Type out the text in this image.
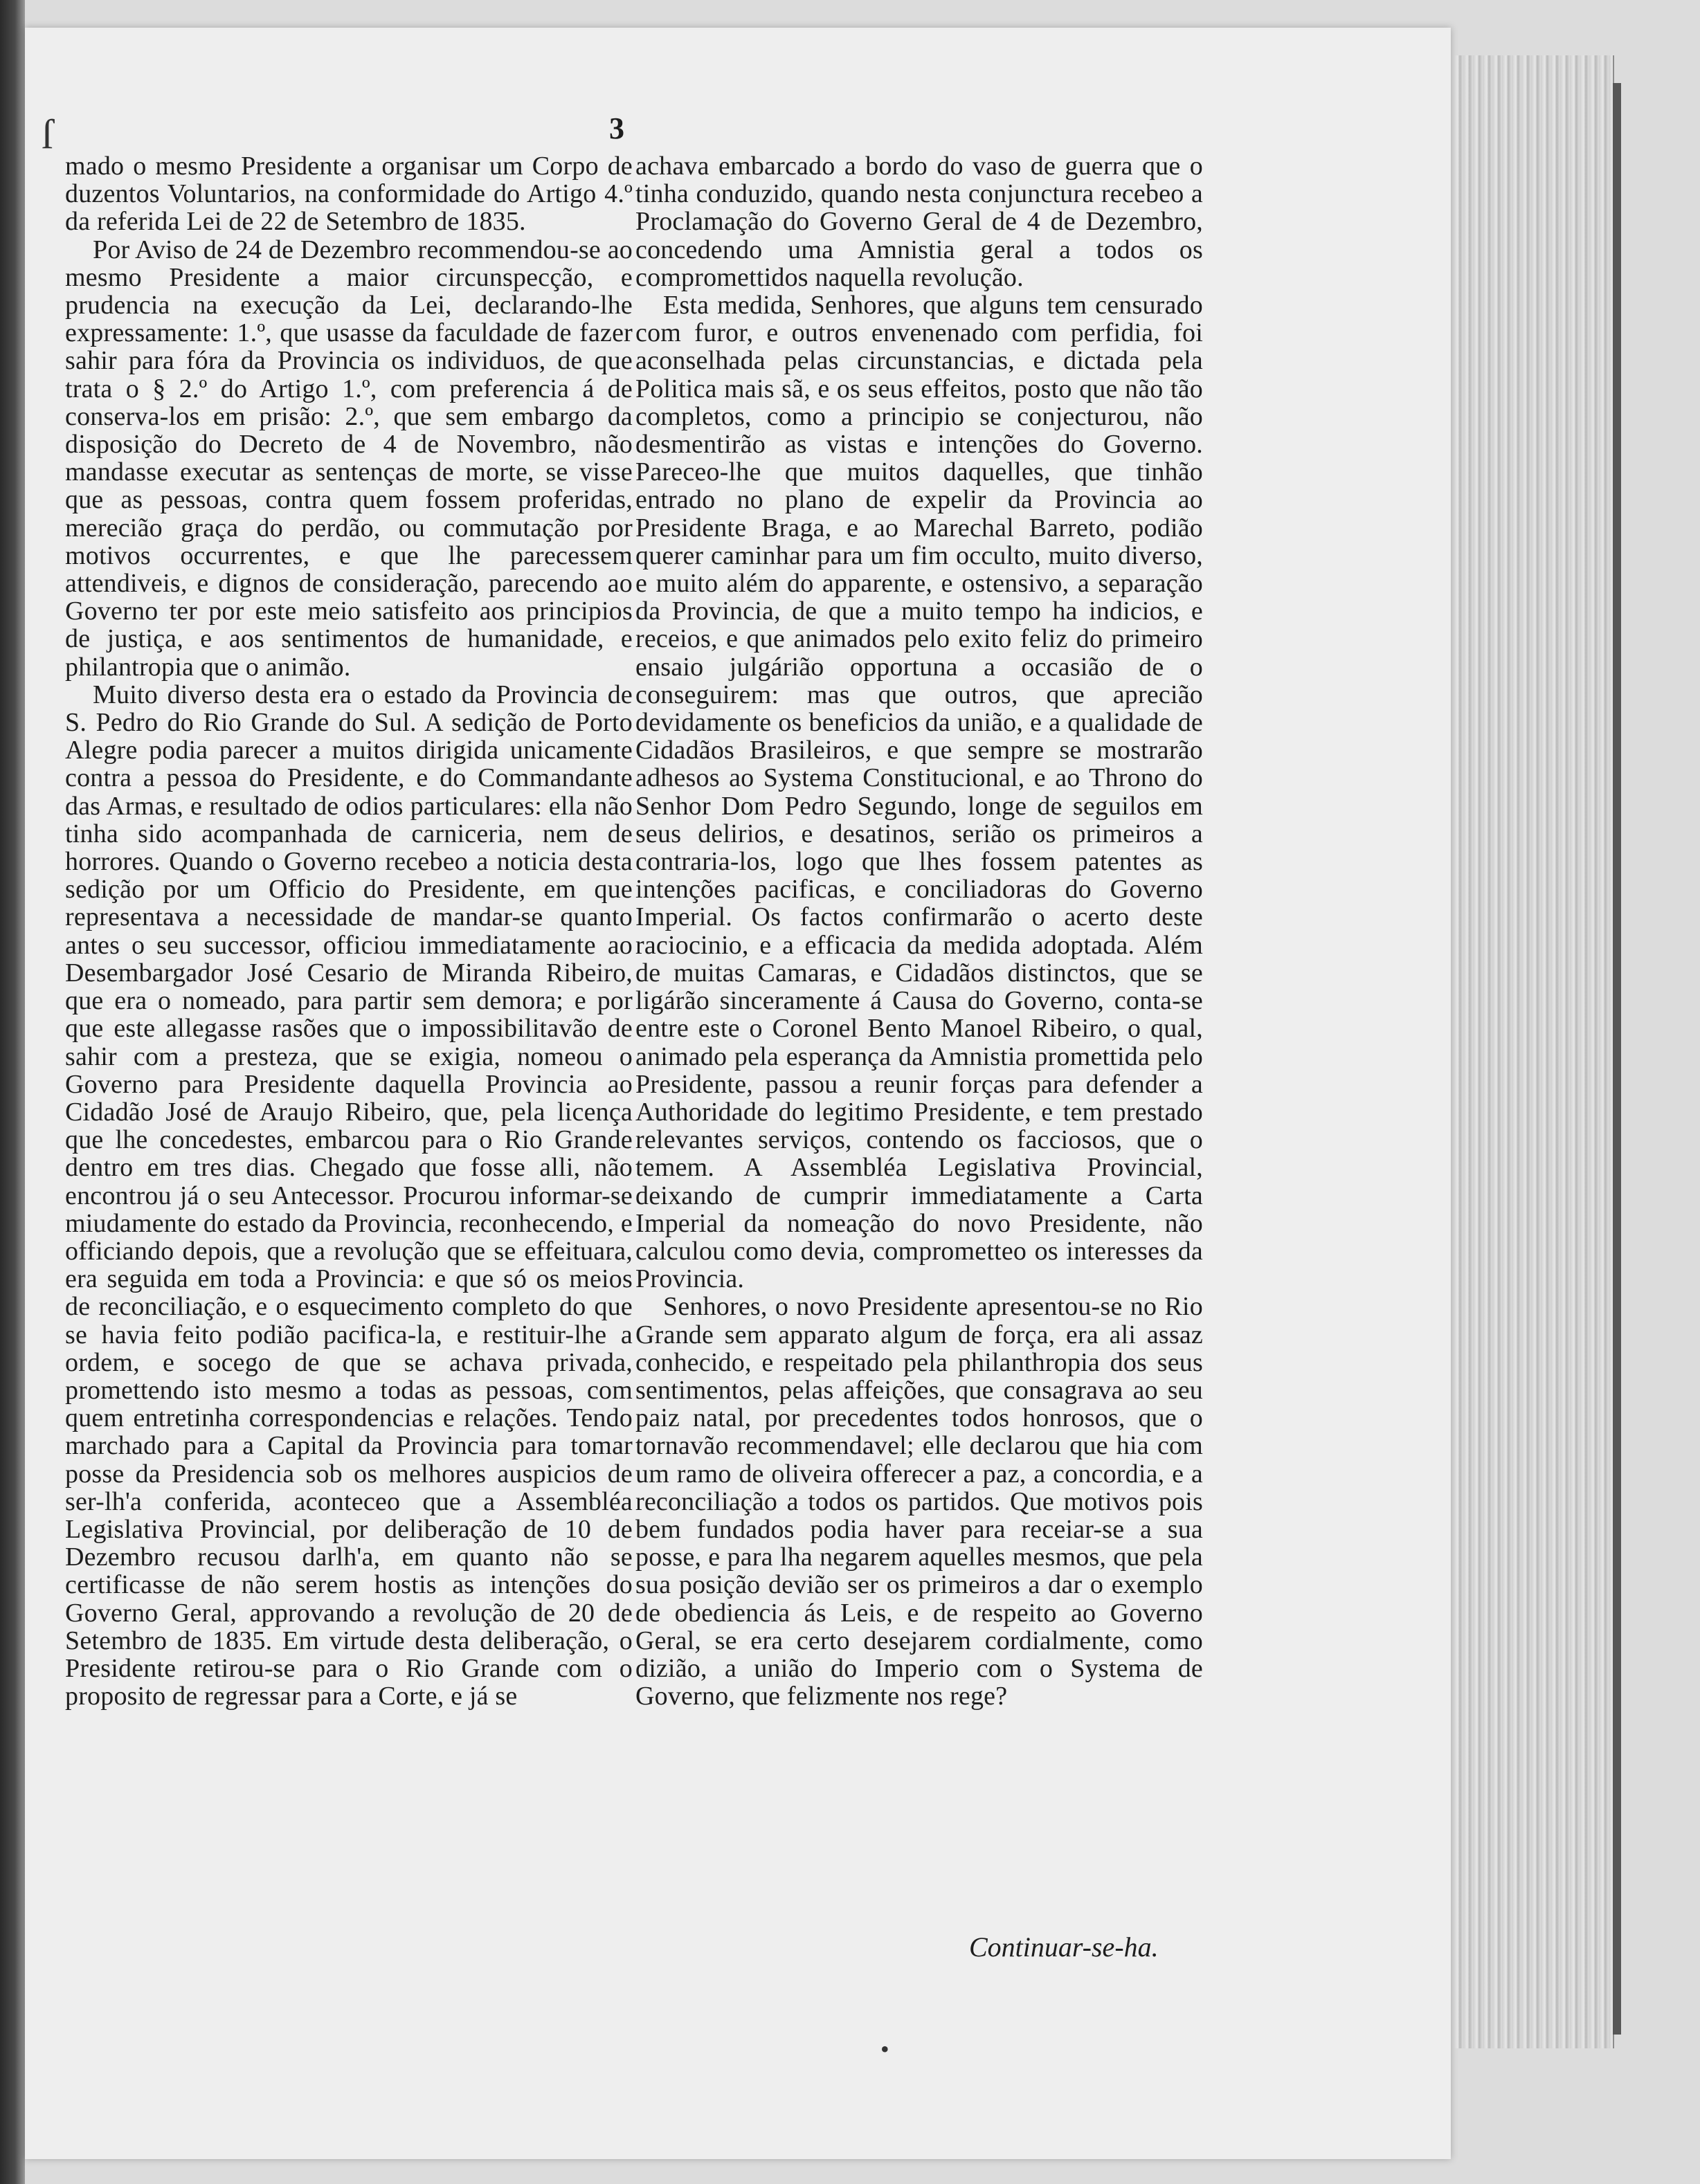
ſ	3

mado o mesmo Presidente a organisar um Corpo de duzentos Voluntarios, na conformidade do Artigo 4.º da referida Lei de 22 de Setembro de 1835.

Por Aviso de 24 de Dezembro recommendou-se ao mesmo Presidente a maior circunspecção, e prudencia na execução da Lei, declarando-lhe expressamente: 1.º, que usasse da faculdade de fazer sahir para fóra da Provincia os individuos, de que trata o § 2.º do Artigo 1.º, com preferencia á de conserva-los em prisão: 2.º, que sem embargo da disposição do Decreto de 4 de Novembro, não mandasse executar as sentenças de morte, se visse que as pessoas, contra quem fossem proferidas, merecião graça do perdão, ou commutação por motivos occurrentes, e que lhe parecessem attendiveis, e dignos de consideração, parecendo ao Governo ter por este meio satisfeito aos principios de justiça, e aos sentimentos de humanidade, e philantropia que o animão.

Muito diverso desta era o estado da Provincia de S. Pedro do Rio Grande do Sul. A sedição de Porto Alegre podia parecer a muitos dirigida unicamente contra a pessoa do Presidente, e do Commandante das Armas, e resultado de odios particulares: ella não tinha sido acompanhada de carniceria, nem de horrores. Quando o Governo recebeo a noticia desta sedição por um Officio do Presidente, em que representava a necessidade de mandar-se quanto antes o seu successor, officiou immediatamente ao Desembargador José Cesario de Miranda Ribeiro, que era o nomeado, para partir sem demora; e por que este allegasse rasões que o impossibilitavão de sahir com a presteza, que se exigia, nomeou o Governo para Presidente daquella Provincia ao Cidadão José de Araujo Ribeiro, que, pela licença que lhe concedestes, embarcou para o Rio Grande dentro em tres dias. Chegado que fosse alli, não encontrou já o seu Antecessor. Procurou informar-se miudamente do estado da Provincia, reconhecendo, e officiando depois, que a revolução que se effeituara, era seguida em toda a Provincia: e que só os meios de reconciliação, e o esquecimento completo do que se havia feito podião pacifica-la, e restituir-lhe a ordem, e socego de que se achava privada, promettendo isto mesmo a todas as pessoas, com quem entretinha correspondencias e relações. Tendo marchado para a Capital da Provincia para tomar posse da Presidencia sob os melhores auspicios de ser-lh'a conferida, aconteceo que a Assembléa Legislativa Provincial, por deliberação de 10 de Dezembro recusou darlh'a, em quanto não se certificasse de não serem hostis as intenções do Governo Geral, approvando a revolução de 20 de Setembro de 1835. Em virtude desta deliberação, o Presidente retirou-se para o Rio Grande com o proposito de regressar para a Corte, e já se

achava embarcado a bordo do vaso de guerra que o tinha conduzido, quando nesta conjunctura recebeo a Proclamação do Governo Geral de 4 de Dezembro, concedendo uma Amnistia geral a todos os compromettidos naquella revolução.

Esta medida, Senhores, que alguns tem censurado com furor, e outros envenenado com perfidia, foi aconselhada pelas circunstancias, e dictada pela Politica mais sã, e os seus effeitos, posto que não tão completos, como a principio se conjecturou, não desmentirão as vistas e intenções do Governo. Pareceo-lhe que muitos daquelles, que tinhão entrado no plano de expelir da Provincia ao Presidente Braga, e ao Marechal Barreto, podião querer caminhar para um fim occulto, muito diverso, e muito além do apparente, e ostensivo, a separação da Provincia, de que a muito tempo ha indicios, e receios, e que animados pelo exito feliz do primeiro ensaio julgárião opportuna a occasião de o conseguirem: mas que outros, que aprecião devidamente os beneficios da união, e a qualidade de Cidadãos Brasileiros, e que sempre se mostrarão adhesos ao Systema Constitucional, e ao Throno do Senhor Dom Pedro Segundo, longe de seguilos em seus delirios, e desatinos, serião os primeiros a contraria-los, logo que lhes fossem patentes as intenções pacificas, e conciliadoras do Governo Imperial. Os factos confirmarão o acerto deste raciocinio, e a efficacia da medida adoptada. Além de muitas Camaras, e Cidadãos distinctos, que se ligárão sinceramente á Causa do Governo, conta-se entre este o Coronel Bento Manoel Ribeiro, o qual, animado pela esperança da Amnistia promettida pelo Presidente, passou a reunir forças para defender a Authoridade do legitimo Presidente, e tem prestado relevantes serviços, contendo os facciosos, que o temem. A Assembléa Legislativa Provincial, deixando de cumprir immediatamente a Carta Imperial da nomeação do novo Presidente, não calculou como devia, comprometteo os interesses da Provincia.

Senhores, o novo Presidente apresentou-se no Rio Grande sem apparato algum de força, era ali assaz conhecido, e respeitado pela philanthropia dos seus sentimentos, pelas affeições, que consagrava ao seu paiz natal, por precedentes todos honrosos, que o tornavão recommendavel; elle declarou que hia com um ramo de oliveira offerecer a paz, a concordia, e a reconciliação a todos os partidos. Que motivos pois bem fundados podia haver para receiar-se a sua posse, e para lha negarem aquelles mesmos, que pela sua posição devião ser os primeiros a dar o exemplo de obediencia ás Leis, e de respeito ao Governo Geral, se era certo desejarem cordialmente, como dizião, a união do Imperio com o Systema de Governo, que felizmente nos rege?

Continuar-se-ha.
•
